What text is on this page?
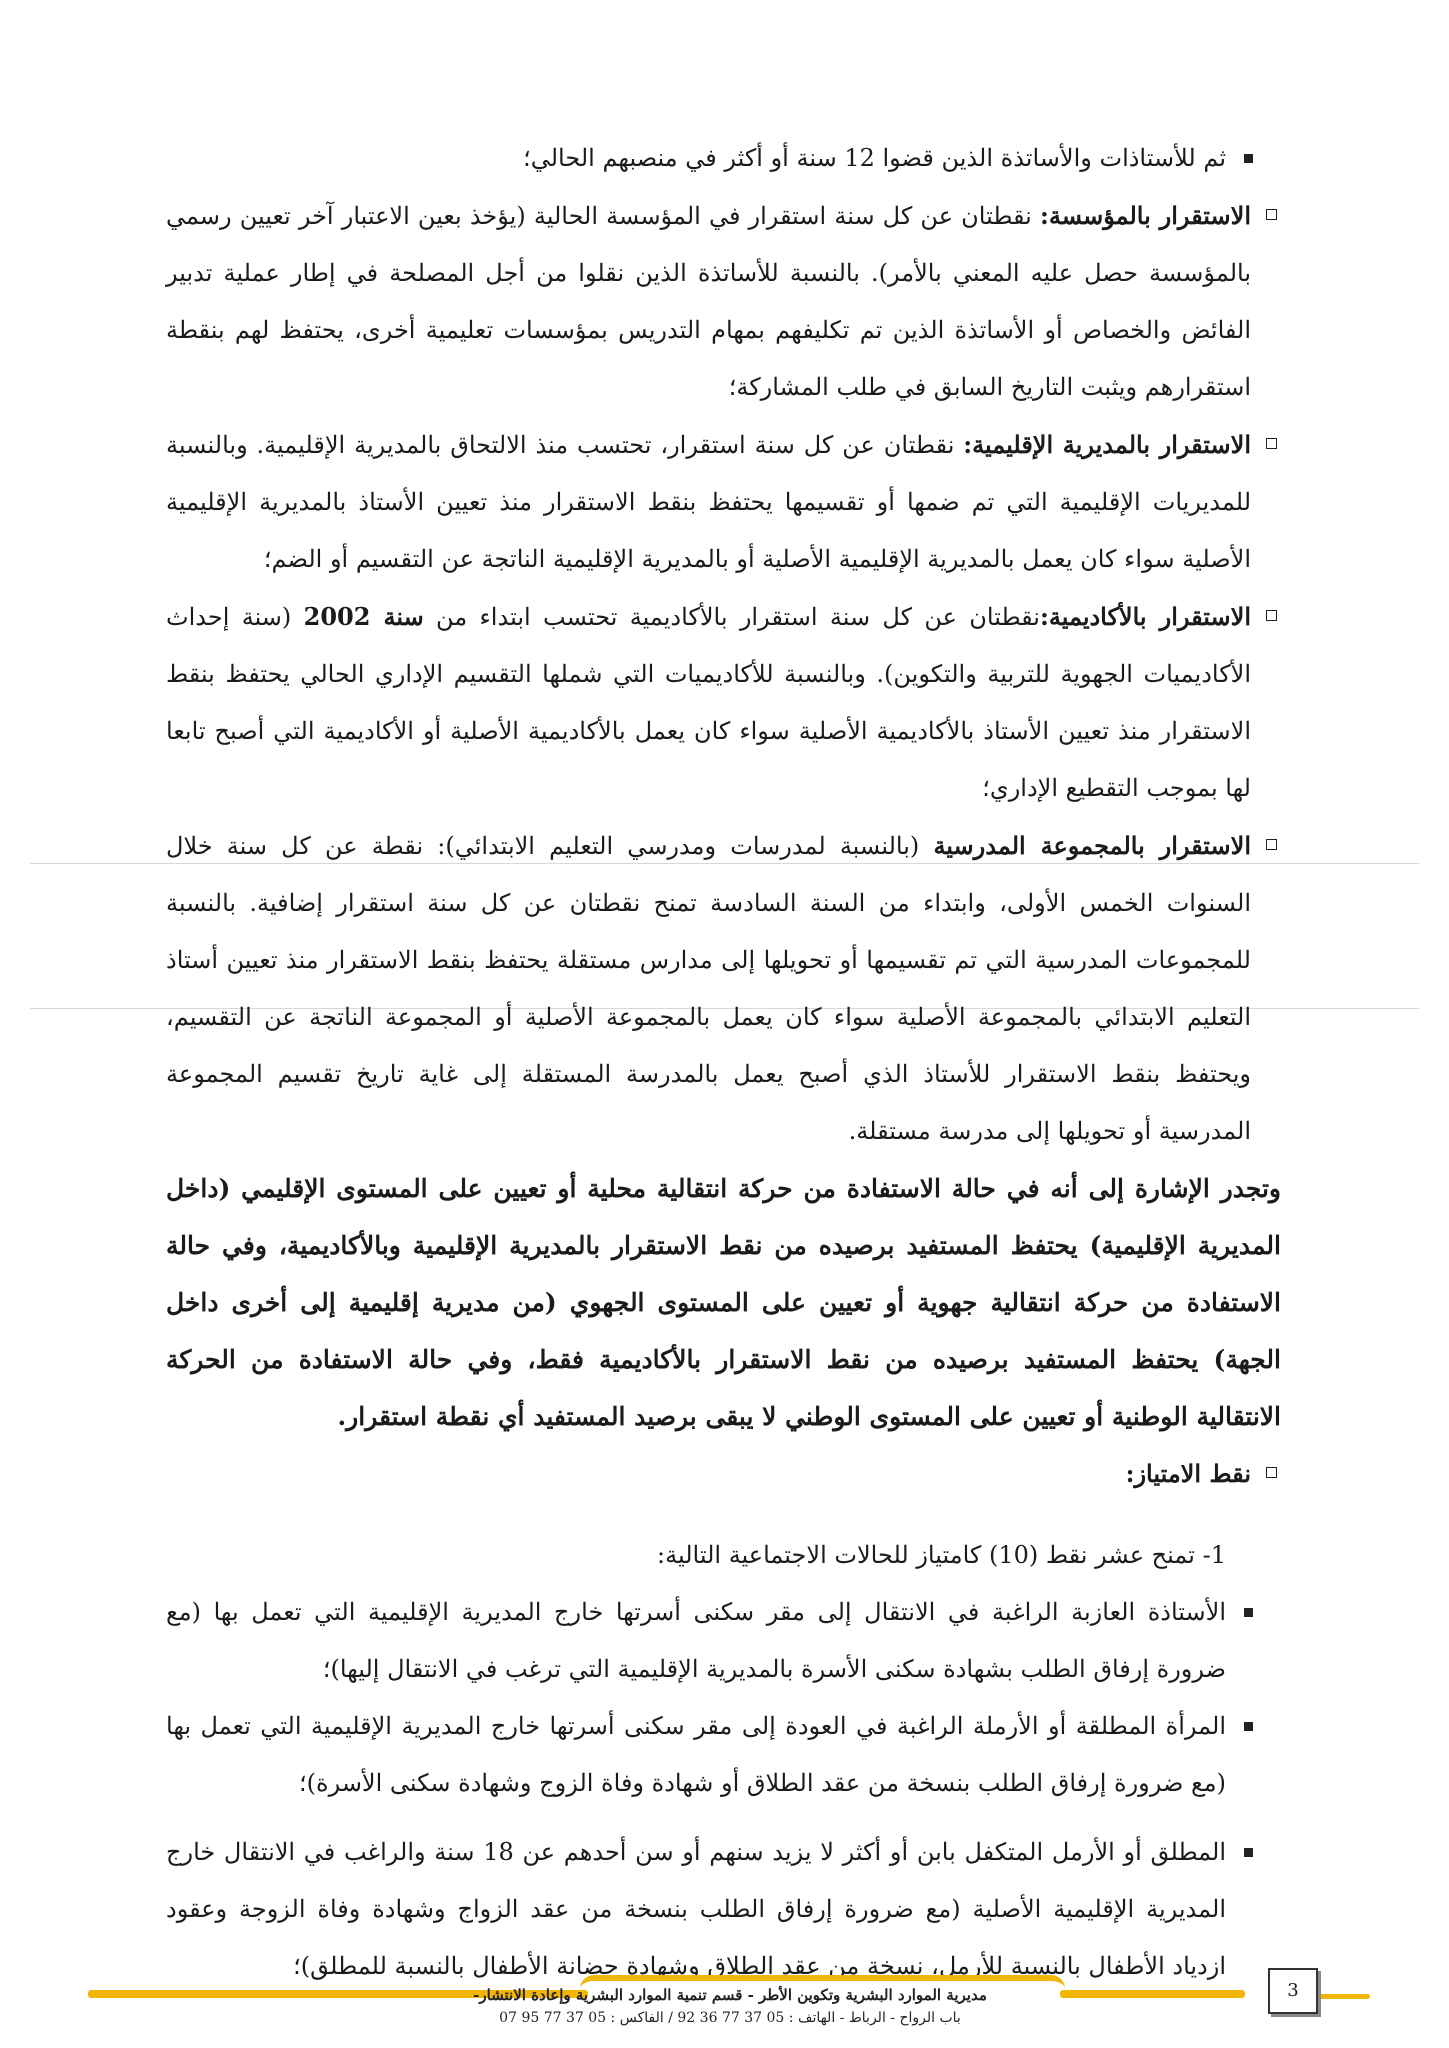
ثم للأستاذات والأساتذة الذين قضوا 12 سنة أو أكثر في منصبهم الحالي؛

الاستقرار بالمؤسسة: نقطتان عن كل سنة استقرار في المؤسسة الحالية (يؤخذ بعين الاعتبار آخر تعيين رسمي بالمؤسسة حصل عليه المعني بالأمر). بالنسبة للأساتذة الذين نقلوا من أجل المصلحة في إطار عملية تدبير الفائض والخصاص أو الأساتذة الذين تم تكليفهم بمهام التدريس بمؤسسات تعليمية أخرى، يحتفظ لهم بنقطة استقرارهم ويثبت التاريخ السابق في طلب المشاركة؛

الاستقرار بالمديرية الإقليمية: نقطتان عن كل سنة استقرار، تحتسب منذ الالتحاق بالمديرية الإقليمية. وبالنسبة للمديريات الإقليمية التي تم ضمها أو تقسيمها يحتفظ بنقط الاستقرار منذ تعيين الأستاذ بالمديرية الإقليمية الأصلية سواء كان يعمل بالمديرية الإقليمية الأصلية أو بالمديرية الإقليمية الناتجة عن التقسيم أو الضم؛

الاستقرار بالأكاديمية:نقطتان عن كل سنة استقرار بالأكاديمية تحتسب ابتداء من سنة 2002 (سنة إحداث الأكاديميات الجهوية للتربية والتكوين). وبالنسبة للأكاديميات التي شملها التقسيم الإداري الحالي يحتفظ بنقط الاستقرار منذ تعيين الأستاذ بالأكاديمية الأصلية سواء كان يعمل بالأكاديمية الأصلية أو الأكاديمية التي أصبح تابعا لها بموجب التقطيع الإداري؛

الاستقرار بالمجموعة المدرسية (بالنسبة لمدرسات ومدرسي التعليم الابتدائي): نقطة عن كل سنة خلال السنوات الخمس الأولى، وابتداء من السنة السادسة تمنح نقطتان عن كل سنة استقرار إضافية. بالنسبة للمجموعات المدرسية التي تم تقسيمها أو تحويلها إلى مدارس مستقلة يحتفظ بنقط الاستقرار منذ تعيين أستاذ التعليم الابتدائي بالمجموعة الأصلية سواء كان يعمل بالمجموعة الأصلية أو المجموعة الناتجة عن التقسيم، ويحتفظ بنقط الاستقرار للأستاذ الذي أصبح يعمل بالمدرسة المستقلة إلى غاية تاريخ تقسيم المجموعة المدرسية أو تحويلها إلى مدرسة مستقلة.

وتجدر الإشارة إلى أنه في حالة الاستفادة من حركة انتقالية محلية أو تعيين على المستوى الإقليمي (داخل المديرية الإقليمية) يحتفظ المستفيد برصيده من نقط الاستقرار بالمديرية الإقليمية وبالأكاديمية، وفي حالة الاستفادة من حركة انتقالية جهوية أو تعيين على المستوى الجهوي (من مديرية إقليمية إلى أخرى داخل الجهة) يحتفظ المستفيد برصيده من نقط الاستقرار بالأكاديمية فقط، وفي حالة الاستفادة من الحركة الانتقالية الوطنية أو تعيين على المستوى الوطني لا يبقى برصيد المستفيد أي نقطة استقرار.

نقط الامتياز:

1- تمنح عشر نقط (10) كامتياز للحالات الاجتماعية التالية:

الأستاذة العازبة الراغبة في الانتقال إلى مقر سكنى أسرتها خارج المديرية الإقليمية التي تعمل بها (مع ضرورة إرفاق الطلب بشهادة سكنى الأسرة بالمديرية الإقليمية التي ترغب في الانتقال إليها)؛

المرأة المطلقة أو الأرملة الراغبة في العودة إلى مقر سكنى أسرتها خارج المديرية الإقليمية التي تعمل بها (مع ضرورة إرفاق الطلب بنسخة من عقد الطلاق أو شهادة وفاة الزوج وشهادة سكنى الأسرة)؛

المطلق أو الأرمل المتكفل بابن أو أكثر لا يزيد سنهم أو سن أحدهم عن 18 سنة والراغب في الانتقال خارج المديرية الإقليمية الأصلية (مع ضرورة إرفاق الطلب بنسخة من عقد الزواج وشهادة وفاة الزوجة وعقود ازدياد الأطفال بالنسبة للأرمل، نسخة من عقد الطلاق وشهادة حضانة الأطفال بالنسبة للمطلق)؛

مديرية الموارد البشرية وتكوين الأطر - قسم تنمية الموارد البشرية وإعادة الانتشار-
باب الرواح - الرباط - الهاتف : 05 37 77 36 92 / الفاكس : 05 37 77 95 07
3
